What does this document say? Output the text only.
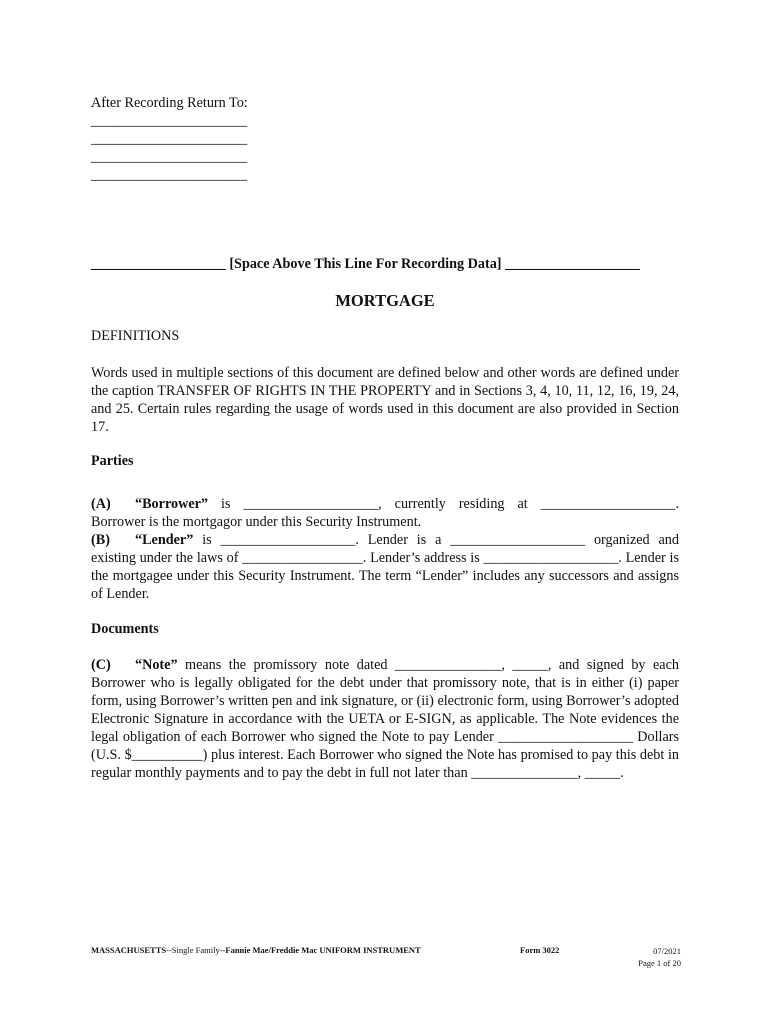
After Recording Return To:
______________________
______________________
______________________
______________________
___________________ [Space Above This Line For Recording Data] ___________________
MORTGAGE
DEFINITIONS
Words used in multiple sections of this document are defined below and other words are defined under the caption TRANSFER OF RIGHTS IN THE PROPERTY and in Sections 3, 4, 10, 11, 12, 16, 19, 24, and 25. Certain rules regarding the usage of words used in this document are also provided in Section 17.
Parties
(A) “Borrower” is ___________________, currently residing at ___________________. Borrower is the mortgagor under this Security Instrument.
(B) “Lender” is ___________________. Lender is a ___________________ organized and existing under the laws of _________________. Lender’s address is ___________________. Lender is the mortgagee under this Security Instrument. The term “Lender” includes any successors and assigns of Lender.
Documents
(C) “Note” means the promissory note dated _______________, _____, and signed by each Borrower who is legally obligated for the debt under that promissory note, that is in either (i) paper form, using Borrower’s written pen and ink signature, or (ii) electronic form, using Borrower’s adopted Electronic Signature in accordance with the UETA or E-SIGN, as applicable. The Note evidences the legal obligation of each Borrower who signed the Note to pay Lender ___________________ Dollars (U.S. $__________) plus interest. Each Borrower who signed the Note has promised to pay this debt in regular monthly payments and to pay the debt in full not later than _______________, _____.
MASSACHUSETTS--Single Family--Fannie Mae/Freddie Mac UNIFORM INSTRUMENT	Form 3022	07/2021
Page 1 of 20
